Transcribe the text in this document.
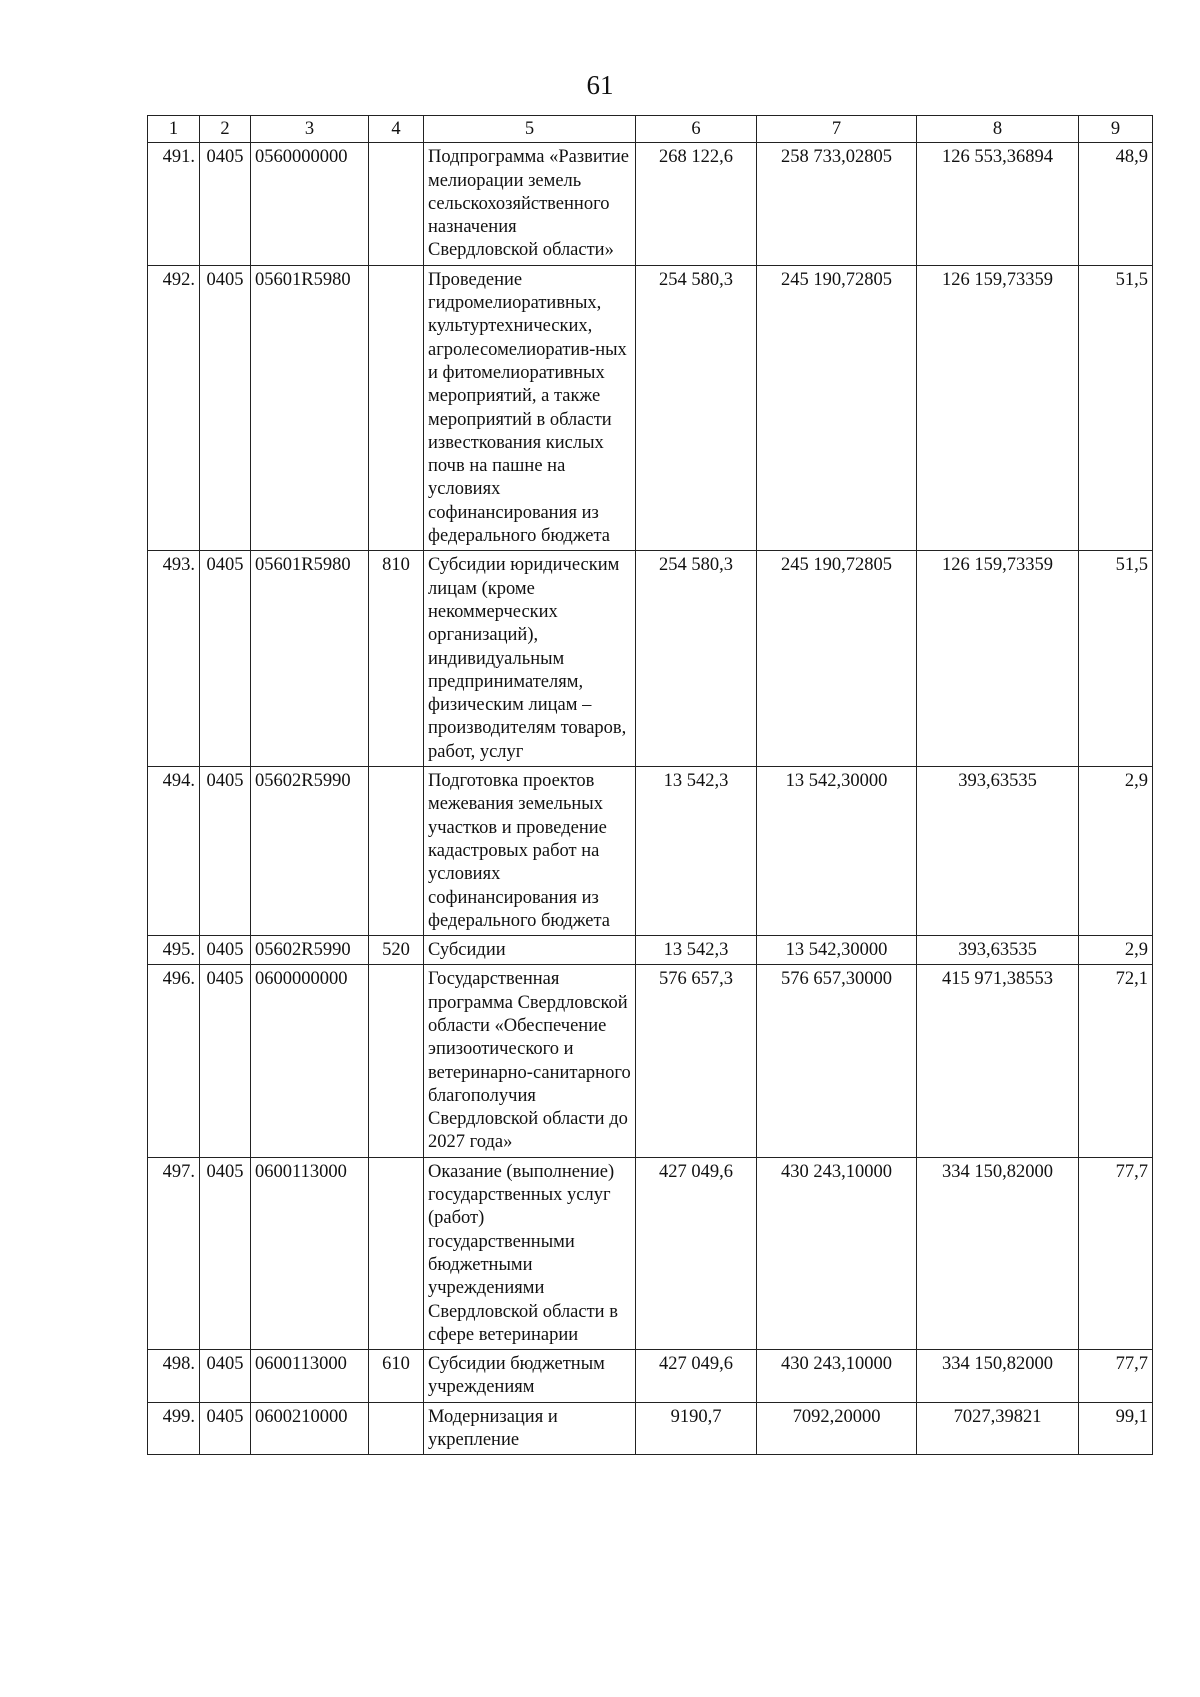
61
1	2	3	4	5	6	7	8	9
491.	0405	0560000000		Подпрограмма «Развитие мелиорации земель сельскохозяйственного назначения Свердловской области»	268 122,6	258 733,02805	126 553,36894	48,9
492.	0405	05601R5980		Проведение гидромелиоративных, культуртехнических, агролесомелиоратив-ных и фитомелиоративных мероприятий, а также мероприятий в области известкования кислых почв на пашне на условиях софинансирования из федерального бюджета	254 580,3	245 190,72805	126 159,73359	51,5
493.	0405	05601R5980	810	Субсидии юридическим лицам (кроме некоммерческих организаций), индивидуальным предпринимателям, физическим лицам – производителям товаров, работ, услуг	254 580,3	245 190,72805	126 159,73359	51,5
494.	0405	05602R5990		Подготовка проектов межевания земельных участков и проведение кадастровых работ на условиях софинансирования из федерального бюджета	13 542,3	13 542,30000	393,63535	2,9
495.	0405	05602R5990	520	Субсидии	13 542,3	13 542,30000	393,63535	2,9
496.	0405	0600000000		Государственная программа Свердловской области «Обеспечение эпизоотического и ветеринарно-санитарного благополучия Свердловской области до 2027 года»	576 657,3	576 657,30000	415 971,38553	72,1
497.	0405	0600113000		Оказание (выполнение) государственных услуг (работ) государственными бюджетными учреждениями Свердловской области в сфере ветеринарии	427 049,6	430 243,10000	334 150,82000	77,7
498.	0405	0600113000	610	Субсидии бюджетным учреждениям	427 049,6	430 243,10000	334 150,82000	77,7
499.	0405	0600210000		Модернизация и укрепление	9190,7	7092,20000	7027,39821	99,1
